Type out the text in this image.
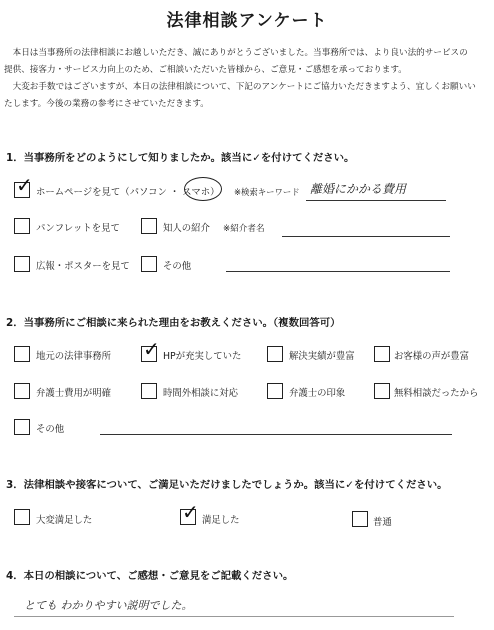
法律相談アンケート
　本日は当事務所の法律相談にお越しいただき、誠にありがとうございました。当事務所では、より良い法的サービスの
提供、接客力・サービス力向上のため、ご相談いただいた皆様から、ご意見・ご感想を承っております。
　大変お手数ではございますが、本日の法律相談について、下記のアンケートにご協力いただきますよう、宜しくお願いい
たします。今後の業務の参考にさせていただきます。
1．当事務所をどのようにして知りましたか。該当に✓を付けてください。
✓ ホームページを見て（パソコン ・ スマホ） ※検索キーワード 離婚にかかる費用
パンフレットを見て	知人の紹介 ※紹介者名
広報・ポスターを見て	その他
2．当事務所にご相談に来られた理由をお教えください。（複数回答可）
地元の法律事務所 ✓ HPが充実していた	解決実績が豊富	お客様の声が豊富
弁護士費用が明確	時間外相談に対応	弁護士の印象	無料相談だったから
その他
3．法律相談や接客について、ご満足いただけましたでしょうか。該当に✓を付けてください。
大変満足した	✓ 満足した	普通
4．本日の相談について、ご感想・ご意見をご記載ください。
とても わかりやすい説明でした。
